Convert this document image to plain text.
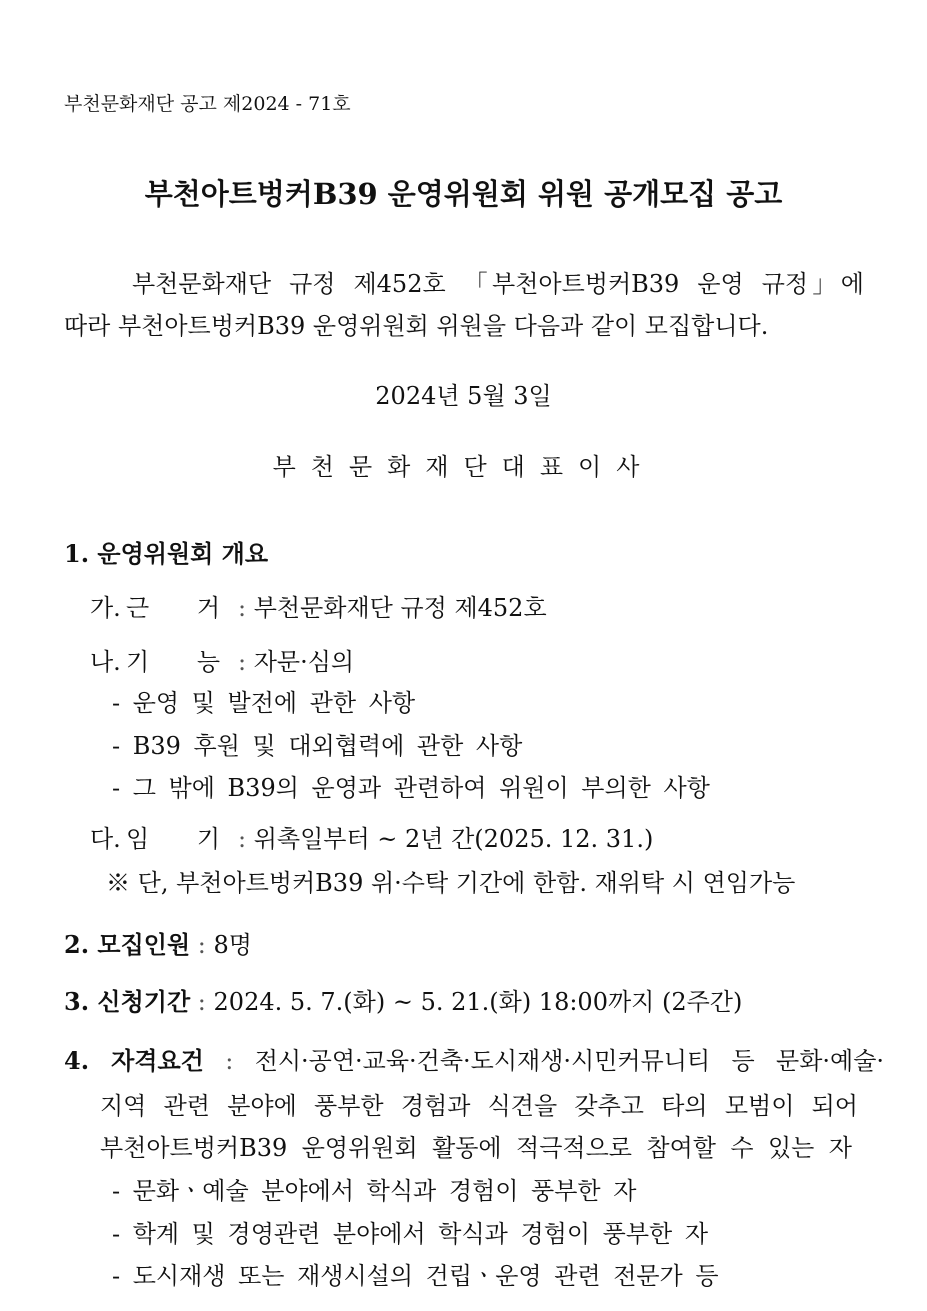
부천문화재단 공고 제2024 - 71호
부천아트벙커B39 운영위원회 위원 공개모집 공고
부천문화재단 규정 제452호 「부천아트벙커B39 운영 규정」에
따라 부천아트벙커B39 운영위원회 위원을 다음과 같이 모집합니다.
2024년 5월 3일
부천문화재단대표이사
1. 운영위원회 개요
가. 근 거 : 부천문화재단 규정 제452호
나. 기 능 : 자문·심의
- 운영 및 발전에 관한 사항
- B39 후원 및 대외협력에 관한 사항
- 그 밖에 B39의 운영과 관련하여 위원이 부의한 사항
다. 임 기 : 위촉일부터 ~ 2년 간(2025. 12. 31.)
※ 단, 부천아트벙커B39 위·수탁 기간에 한함. 재위탁 시 연임가능
2. 모집인원 : 8명
3. 신청기간 : 2024. 5. 7.(화) ~ 5. 21.(화) 18:00까지 (2주간)
4. 자격요건 : 전시·공연·교육·건축·도시재생·시민커뮤니티 등 문화·예술·
지역 관련 분야에 풍부한 경험과 식견을 갖추고 타의 모범이 되어
부천아트벙커B39 운영위원회 활동에 적극적으로 참여할 수 있는 자
- 문화ㆍ예술 분야에서 학식과 경험이 풍부한 자
- 학계 및 경영관련 분야에서 학식과 경험이 풍부한 자
- 도시재생 또는 재생시설의 건립ㆍ운영 관련 전문가 등
